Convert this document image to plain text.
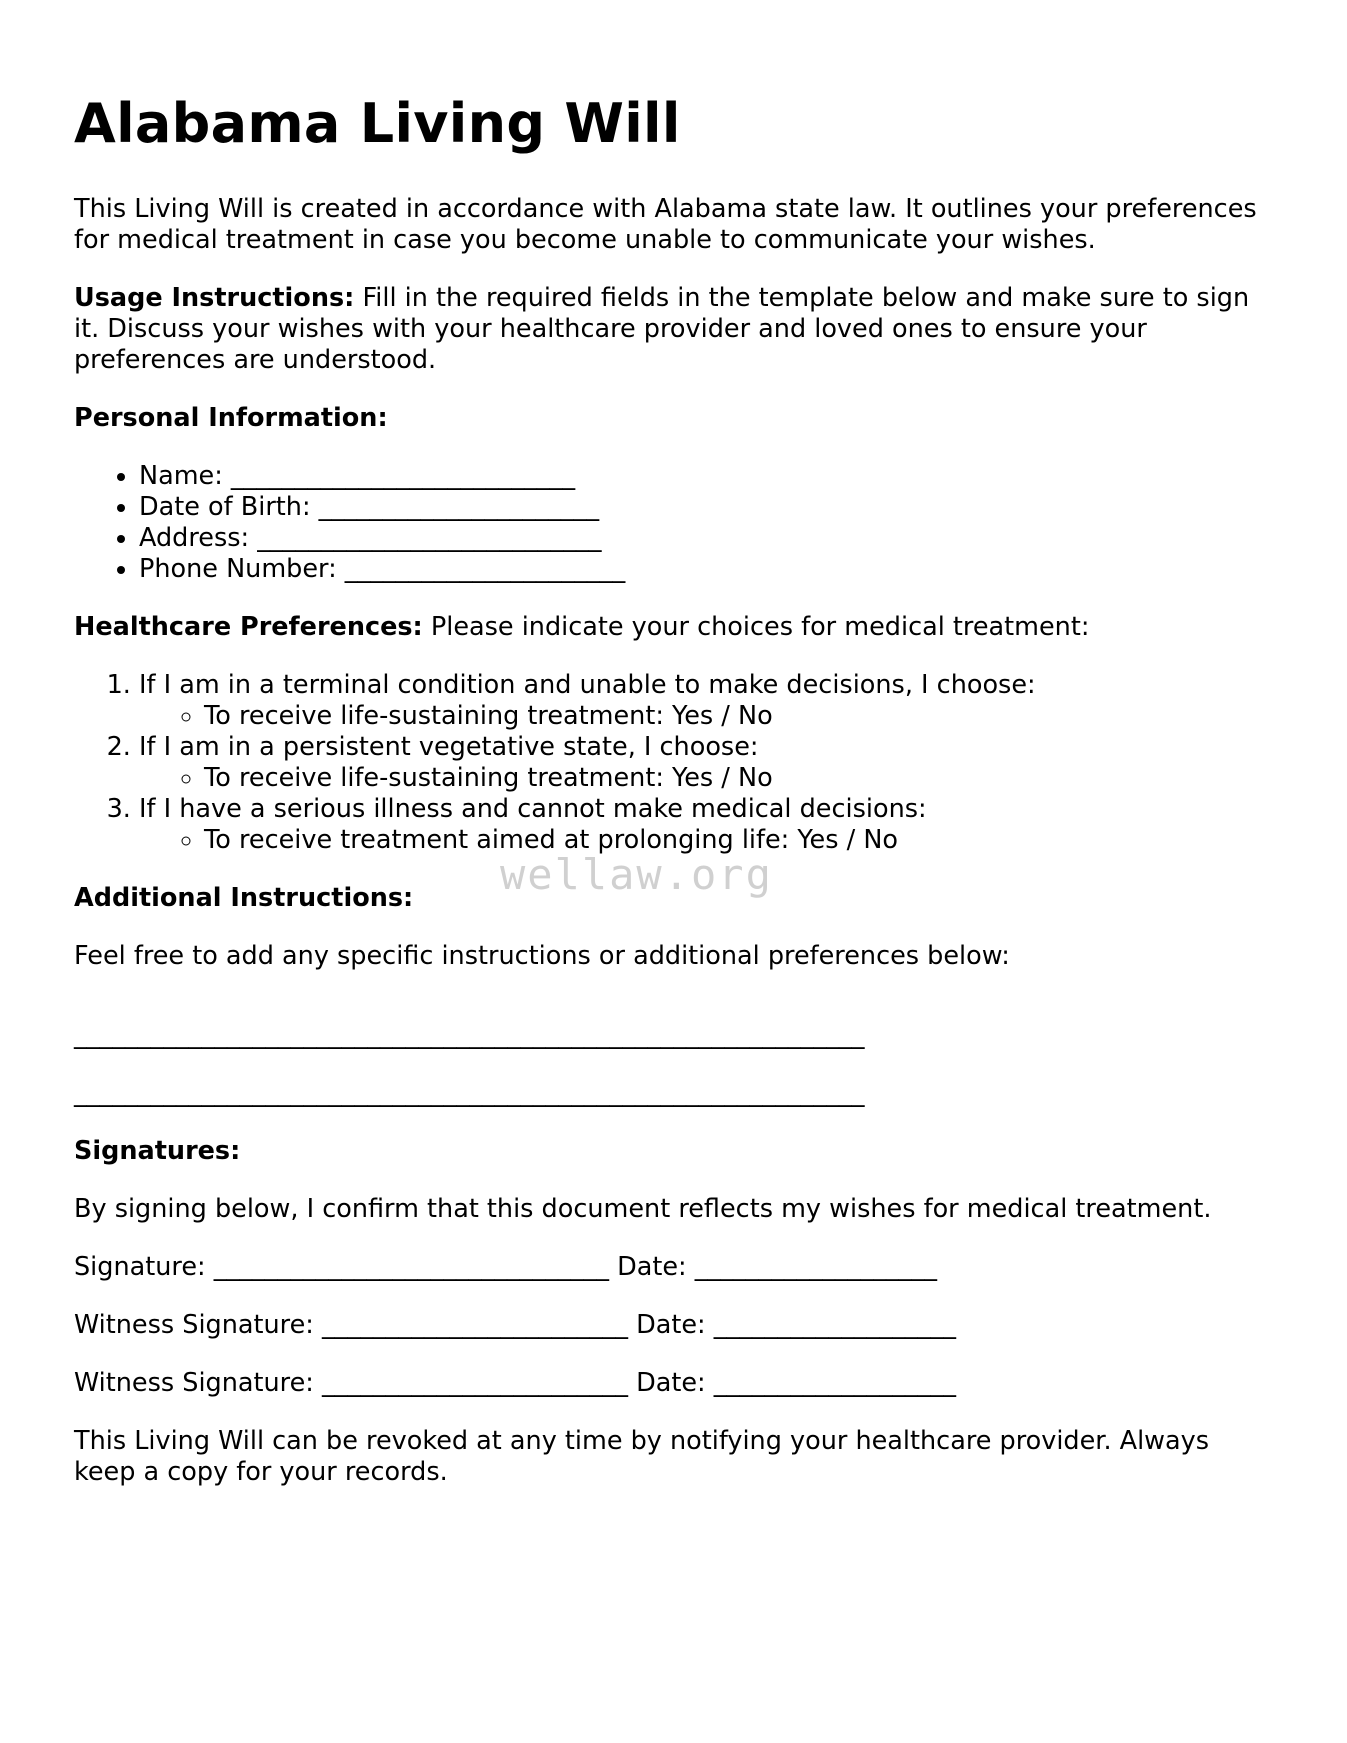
Alabama Living Will

This Living Will is created in accordance with Alabama state law. It outlines your preferences for medical treatment in case you become unable to communicate your wishes.

Usage Instructions: Fill in the required fields in the template below and make sure to sign it. Discuss your wishes with your healthcare provider and loved ones to ensure your preferences are understood.

Personal Information:

• Name: ___________________________
• Date of Birth: ______________________
• Address: ___________________________
• Phone Number: ______________________

Healthcare Preferences: Please indicate your choices for medical treatment:

1. If I am in a terminal condition and unable to make decisions, I choose:
◦ To receive life-sustaining treatment: Yes / No
2. If I am in a persistent vegetative state, I choose:
◦ To receive life-sustaining treatment: Yes / No
3. If I have a serious illness and cannot make medical decisions:
◦ To receive treatment aimed at prolonging life: Yes / No

Additional Instructions:

Feel free to add any specific instructions or additional preferences below:

______________________________________________________________

______________________________________________________________

Signatures:

By signing below, I confirm that this document reflects my wishes for medical treatment.

Signature: _______________________________ Date: ___________________

Witness Signature: ________________________ Date: ___________________

Witness Signature: ________________________ Date: ___________________

This Living Will can be revoked at any time by notifying your healthcare provider. Always keep a copy for your records.

wellaw.org
